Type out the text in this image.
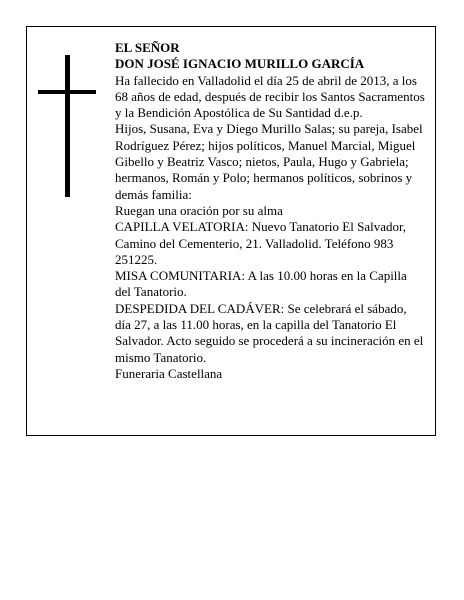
EL SEÑOR

DON JOSÉ IGNACIO MURILLO GARCÍA

Ha fallecido en Valladolid el día 25 de abril de 2013, a los 68 años de edad, después de recibir los Santos Sacramentos y la Bendición Apostólica de Su Santidad d.e.p.

Hijos, Susana, Eva y Diego Murillo Salas; su pareja, Isabel Rodríguez Pérez; hijos políticos, Manuel Marcial, Miguel Gibello y Beatriz Vasco; nietos, Paula, Hugo y Gabriela; hermanos, Román y Polo; hermanos políticos, sobrinos y demás familia:

Ruegan una oración por su alma

CAPILLA VELATORIA: Nuevo Tanatorio El Salvador, Camino del Cementerio, 21. Valladolid. Teléfono 983 251225.

MISA COMUNITARIA: A las 10.00 horas en la Capilla del Tanatorio.

DESPEDIDA DEL CADÁVER: Se celebrará el sábado, día 27, a las 11.00 horas, en la capilla del Tanatorio El Salvador. Acto seguido se procederá a su incineración en el mismo Tanatorio.

Funeraria Castellana
